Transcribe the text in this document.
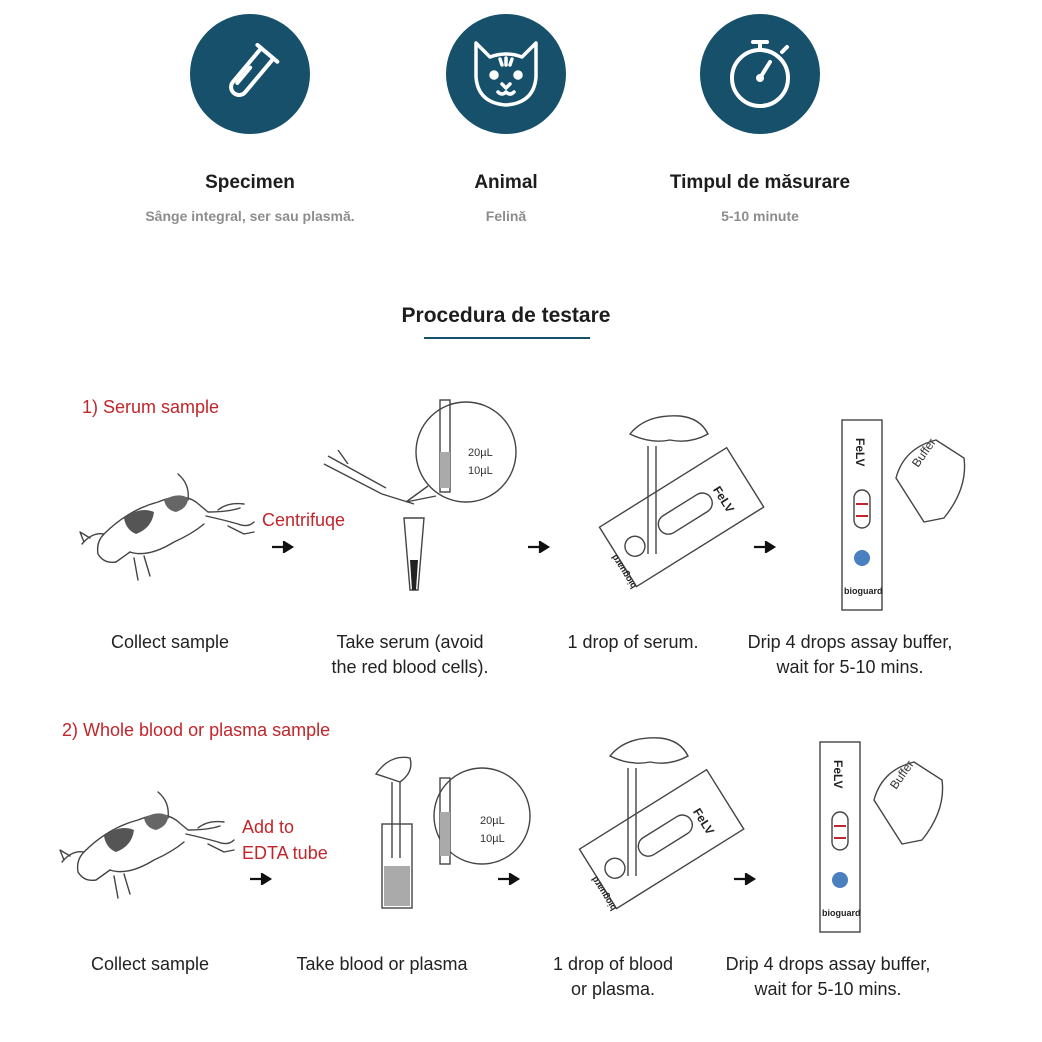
Specimen
Sânge integral, ser sau plasmă.
Animal
Felină
Timpul de măsurare
5-10 minute
Procedura de testare
1) Serum sample
Centrifuqe
20µL
10µL
FeLV
bioguard
FeLV
bioguard
Buffer
Collect sample	Take serum (avoid
the red blood cells).
1 drop of serum.	Drip 4 drops assay buffer,
wait for 5-10 mins.
2) Whole blood or plasma sample
Add to
EDTA tube
20µL
10µL
FeLV
bioguard
FeLV
bioguard
Buffer
Collect sample	Take blood or plasma	1 drop of blood
or plasma.
Drip 4 drops assay buffer,
wait for 5-10 mins.
